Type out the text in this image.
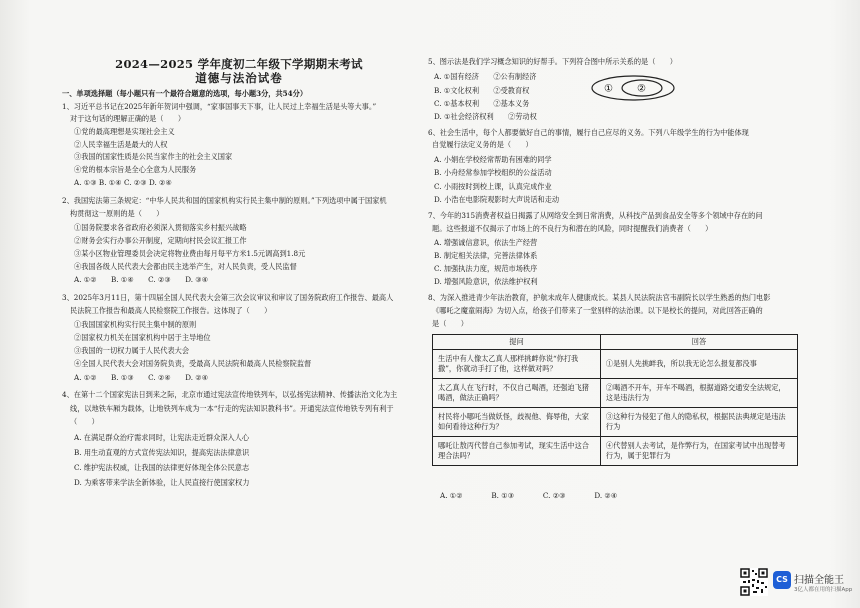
2024—2025 学年度初二年级下学期期末考试
道德与法治试卷
一、单项选择题（每小题只有一个最符合题意的选项，每小题3分，共54分）
1、习近平总书记在2025年新年贺词中强调，“家事国事天下事，让人民过上幸福生活是头等大事。”
对于这句话的理解正确的是（　　）
①党的最高理想是实现社会主义
②人民幸福生活是最大的人权
③我国的国家性质是公民当家作主的社会主义国家
④党的根本宗旨是全心全意为人民服务
A. ①③ B. ①④ C. ②③ D. ②④
2、我国宪法第三条规定：“中华人民共和国的国家机构实行民主集中制的原则。”下列选项中属于国家机
构贯彻这一原则的是（　　）
①国务院要求各省政府必须深入贯彻落实乡村振兴战略
②财务会实行办事公开制度，定期向村民会议汇报工作
③某小区物业管理委员会决定将物业费由每月每平方米1.5元调高到1.8元
④我国各级人民代表大会都由民主选举产生，对人民负责，受人民监督
A. ①②　　B. ①④　　C. ②③　　D. ③④
3、2025年3月11日，第十四届全国人民代表大会第三次会议审议和审议了国务院政府工作报告、最高人
民法院工作报告和最高人民检察院工作报告。这体现了（　　）
①我国国家机构实行民主集中制的原则
②国家权力机关在国家机构中居于主导地位
③我国的一切权力属于人民代表大会
④全国人民代表大会对国务院负责，受最高人民法院和最高人民检察院监督
A. ①②　　B. ①③　　C. ②④　　D. ②④
4、在第十二个国家宪法日到来之际，北京市通过宪法宣传地铁列车，以弘扬宪法精神、传播法治文化为主
线，以地铁车厢为载体，让地铁列车成为一本“行走的宪法知识教科书”。开通宪法宣传地铁专列有利于
（　　）
A. 在满足群众治疗需求同时，让宪法走近群众深入人心
B. 用生动直观的方式宣传宪法知识，提高宪法法律意识
C. 维护宪法权威，让我国的法律更好体现全体公民意志
D. 为乘客带来学法全新体验，让人民直接行使国家权力
5、图示法是我们学习概念知识的好帮手。下列符合图中所示关系的是（　　）
A. ①国有经济　　②公有制经济
B. ①文化权利　　②受教育权
C. ①基本权利　　②基本义务
D. ①社会经济权利　　②劳动权
6、社会生活中，每个人都要做好自己的事情，履行自己应尽的义务。下列八年级学生的行为中能体现
自觉履行法定义务的是（　　）
A. 小娟在学校经常帮助有困难的同学
B. 小舟经常参加学校组织的公益活动
C. 小雨按时到校上课，认真完成作业
D. 小浩在电影院观影时大声说话和走动
7、今年的315消费者权益日揭露了从网络安全到日常消费，从科技产品到食品安全等多个领域中存在的问
题。这些报道不仅揭示了市场上的不良行为和潜在的风险，同时提醒我们消费者（　　）
A. 增强诚信意识，依法生产经营
B. 制定相关法律，完善法律体系
C. 加强执法力度，规范市场秩序
D. 增强风险意识，依法维护权利
8、为深入推进青少年法治教育，护航未成年人健康成长。某县人民法院法官韦副院长以学生熟悉的热门电影
《哪吒之魔童闹海》为切入点，给孩子们带来了一堂别样的法治课。以下是校长的提问，对此回答正确的
是（　　）
① ②
提问	回答
生活中有人像太乙真人那样挑衅你说“你打我撒”，你就动手打了他，这样做对吗？	①是别人先挑衅我，所以我无论怎么报复都没事
太乙真人在飞行时，不仅自己喝酒，还强迫飞猪喝酒，做法正确吗？	②喝酒不开车，开车不喝酒，根据道路交通安全法规定，这是违法行为
村民将小哪吒当做妖怪，歧视他、侮辱他，大家如何看待这种行为？	③这种行为侵犯了他人的隐私权，根据民法典规定是违法行为
哪吒让敖丙代替自己参加考试，现实生活中这合理合法吗？	④代替别人去考试，是作弊行为，在国家考试中出现替考行为，属于犯罪行为
A. ①②　　　　B. ①③　　　　C. ②③　　　　D. ②④
CS 扫描全能王
3亿人都在用的扫描App
